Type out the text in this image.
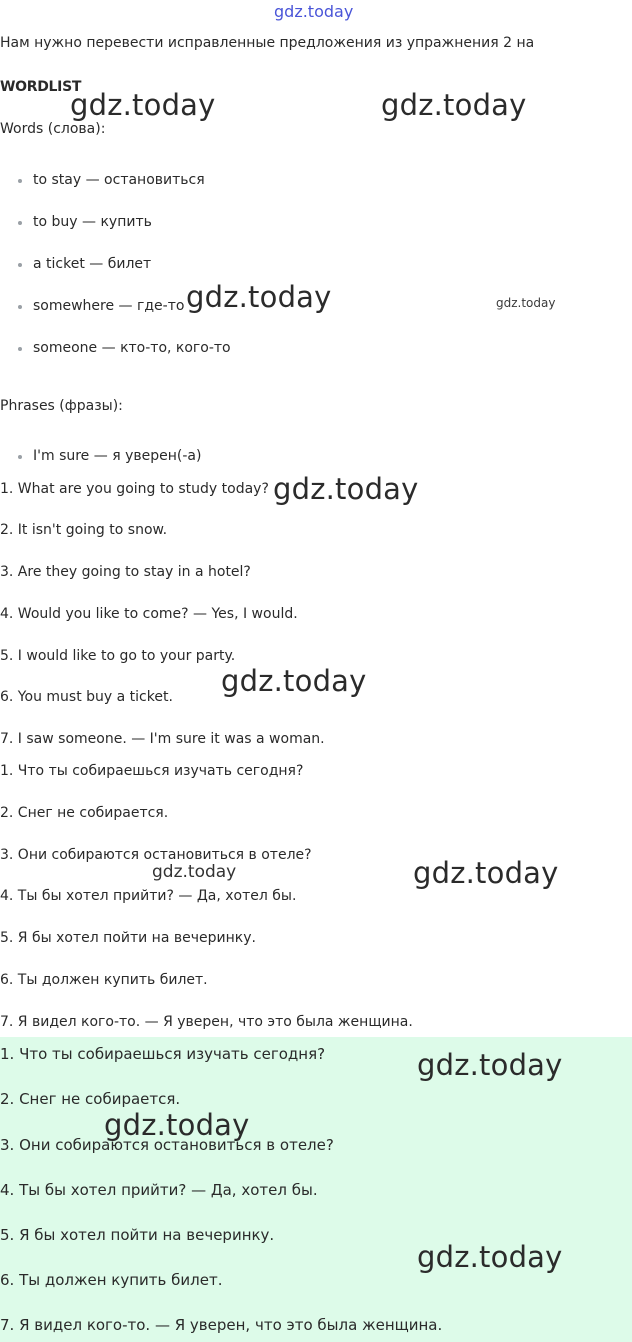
gdz.today
Нам нужно перевести исправленные предложения из упражнения 2 на
WORDLIST
Words (слова):
to stay — остановиться
to buy — купить
a ticket — билет
somewhere — где-то
someone — кто-то, кого-то
Phrases (фразы):
I'm sure — я уверен(-а)
1. What are you going to study today?
2. It isn't going to snow.
3. Are they going to stay in a hotel?
4. Would you like to come? — Yes, I would.
5. I would like to go to your party.
6. You must buy a ticket.
7. I saw someone. — I'm sure it was a woman.
1. Что ты собираешься изучать сегодня?
2. Снег не собирается.
3. Они собираются остановиться в отеле?
4. Ты бы хотел прийти? — Да, хотел бы.
5. Я бы хотел пойти на вечеринку.
6. Ты должен купить билет.
7. Я видел кого-то. — Я уверен, что это была женщина.
1. Что ты собираешься изучать сегодня?
2. Снег не собирается.
3. Они собираются остановиться в отеле?
4. Ты бы хотел прийти? — Да, хотел бы.
5. Я бы хотел пойти на вечеринку.
6. Ты должен купить билет.
7. Я видел кого-то. — Я уверен, что это была женщина.
gdz.today	gdz.today
gdz.today	gdz.today
gdz.today
gdz.today
gdz.today	gdz.today
gdz.today
gdz.today
gdz.today
